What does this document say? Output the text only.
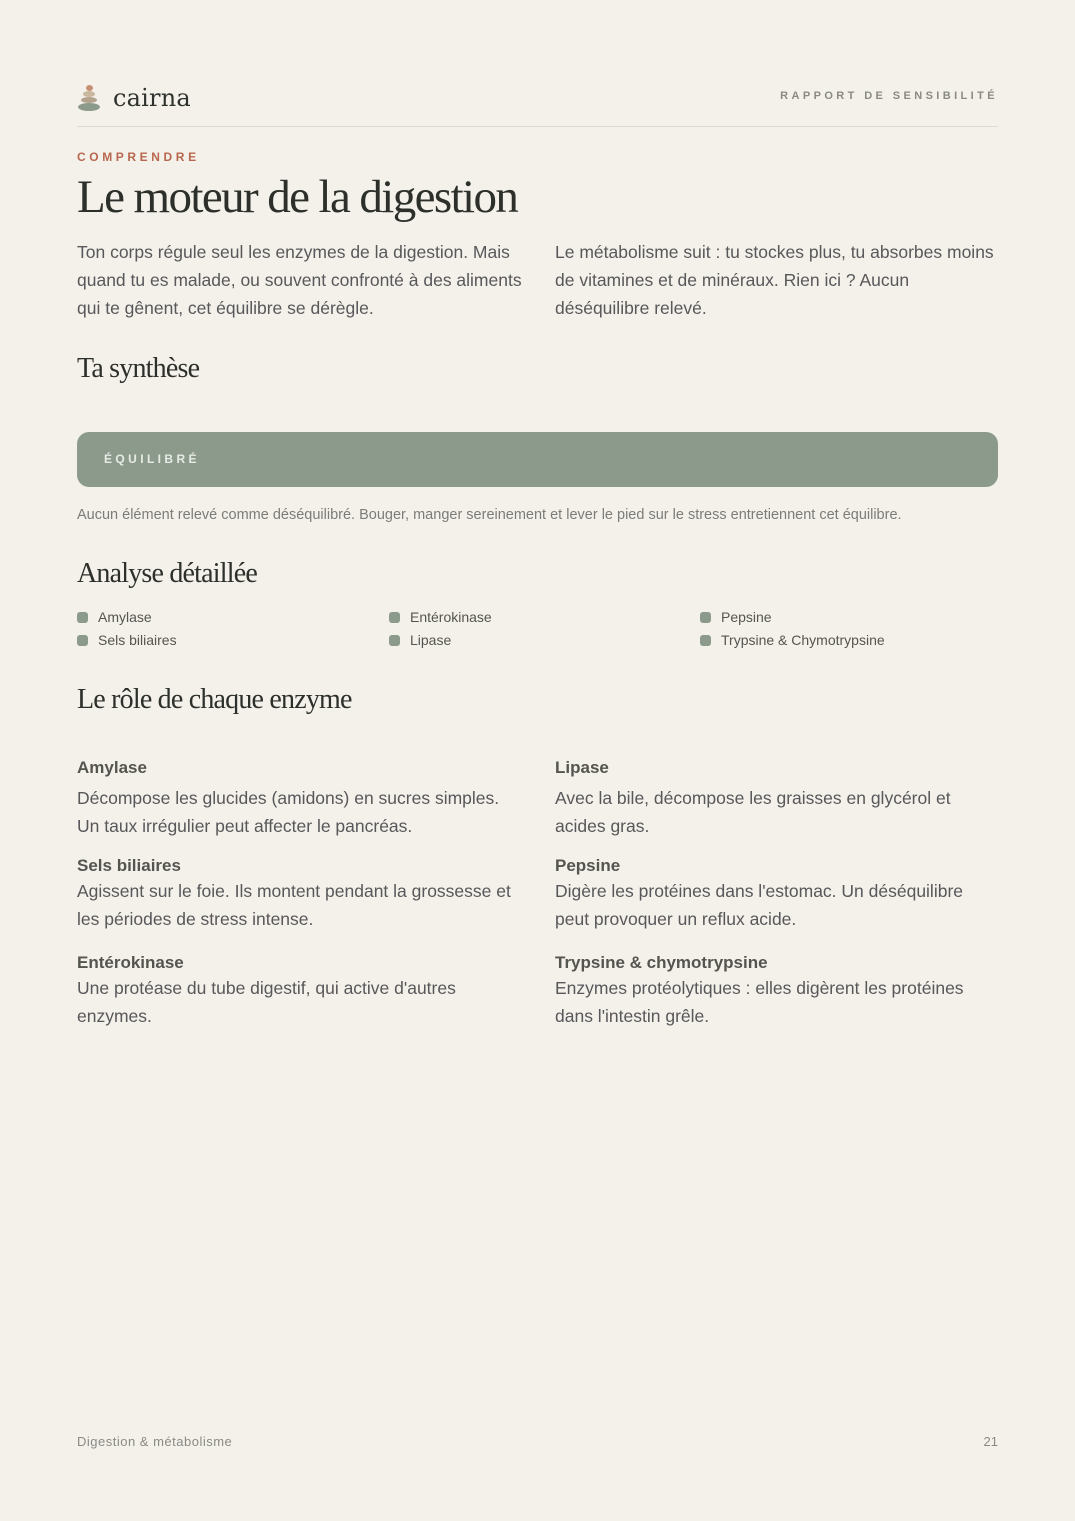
cairna	RAPPORT DE SENSIBILITÉ
COMPRENDRE
Le moteur de la digestion

Ton corps régule seul les enzymes de la digestion. Mais quand tu es malade, ou souvent confronté à des aliments qui te gênent, cet équilibre se dérègle.

Le métabolisme suit : tu stockes plus, tu absorbes moins de vitamines et de minéraux. Rien ici ? Aucun déséquilibre relevé.

Ta synthèse
ÉQUILIBRÉ
Aucun élément relevé comme déséquilibré. Bouger, manger sereinement et lever le pied sur le stress entretiennent cet équilibre.
Analyse détaillée
Amylase
Sels biliaires
Entérokinase
Lipase
Pepsine
Trypsine & Chymotrypsine
Le rôle de chaque enzyme
Amylase
Décompose les glucides (amidons) en sucres simples. Un taux irrégulier peut affecter le pancréas.
Sels biliaires
Agissent sur le foie. Ils montent pendant la grossesse et les périodes de stress intense.
Entérokinase
Une protéase du tube digestif, qui active d'autres enzymes.
Lipase
Avec la bile, décompose les graisses en glycérol et acides gras.
Pepsine
Digère les protéines dans l'estomac. Un déséquilibre peut provoquer un reflux acide.
Trypsine & chymotrypsine
Enzymes protéolytiques : elles digèrent les protéines dans l'intestin grêle.
Digestion & métabolisme	21
